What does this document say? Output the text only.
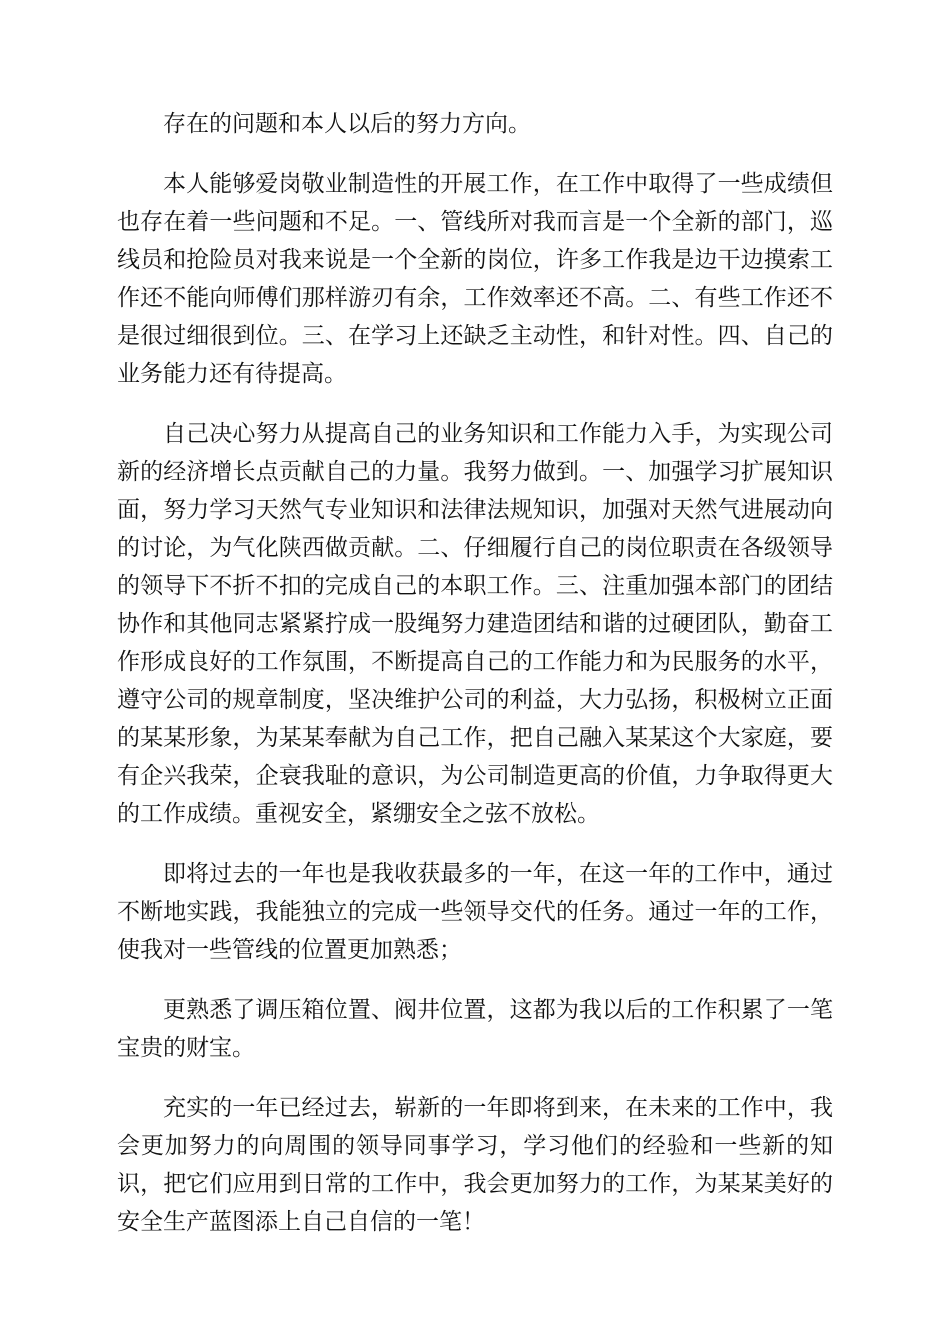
存在的问题和本人以后的努力方向。

本人能够爱岗敬业制造性的开展工作，在工作中取得了一些成绩但也存在着一些问题和不足。一、管线所对我而言是一个全新的部门，巡线员和抢险员对我来说是一个全新的岗位，许多工作我是边干边摸索工作还不能向师傅们那样游刃有余，工作效率还不高。二、有些工作还不是很过细很到位。三、在学习上还缺乏主动性，和针对性。四、自己的业务能力还有待提高。

自己决心努力从提高自己的业务知识和工作能力入手，为实现公司新的经济增长点贡献自己的力量。我努力做到。一、加强学习扩展知识面，努力学习天然气专业知识和法律法规知识，加强对天然气进展动向的讨论，为气化陕西做贡献。二、仔细履行自己的岗位职责在各级领导的领导下不折不扣的完成自己的本职工作。三、注重加强本部门的团结协作和其他同志紧紧拧成一股绳努力建造团结和谐的过硬团队，勤奋工作形成良好的工作氛围，不断提高自己的工作能力和为民服务的水平，遵守公司的规章制度，坚决维护公司的利益，大力弘扬，积极树立正面的某某形象，为某某奉献为自己工作，把自己融入某某这个大家庭，要有企兴我荣，企衰我耻的意识，为公司制造更高的价值，力争取得更大的工作成绩。重视安全，紧绷安全之弦不放松。

即将过去的一年也是我收获最多的一年，在这一年的工作中，通过不断地实践，我能独立的完成一些领导交代的任务。通过一年的工作，使我对一些管线的位置更加熟悉；

更熟悉了调压箱位置、阀井位置，这都为我以后的工作积累了一笔宝贵的财宝。

充实的一年已经过去，崭新的一年即将到来，在未来的工作中，我会更加努力的向周围的领导同事学习，学习他们的经验和一些新的知识，把它们应用到日常的工作中，我会更加努力的工作，为某某美好的安全生产蓝图添上自己自信的一笔！
